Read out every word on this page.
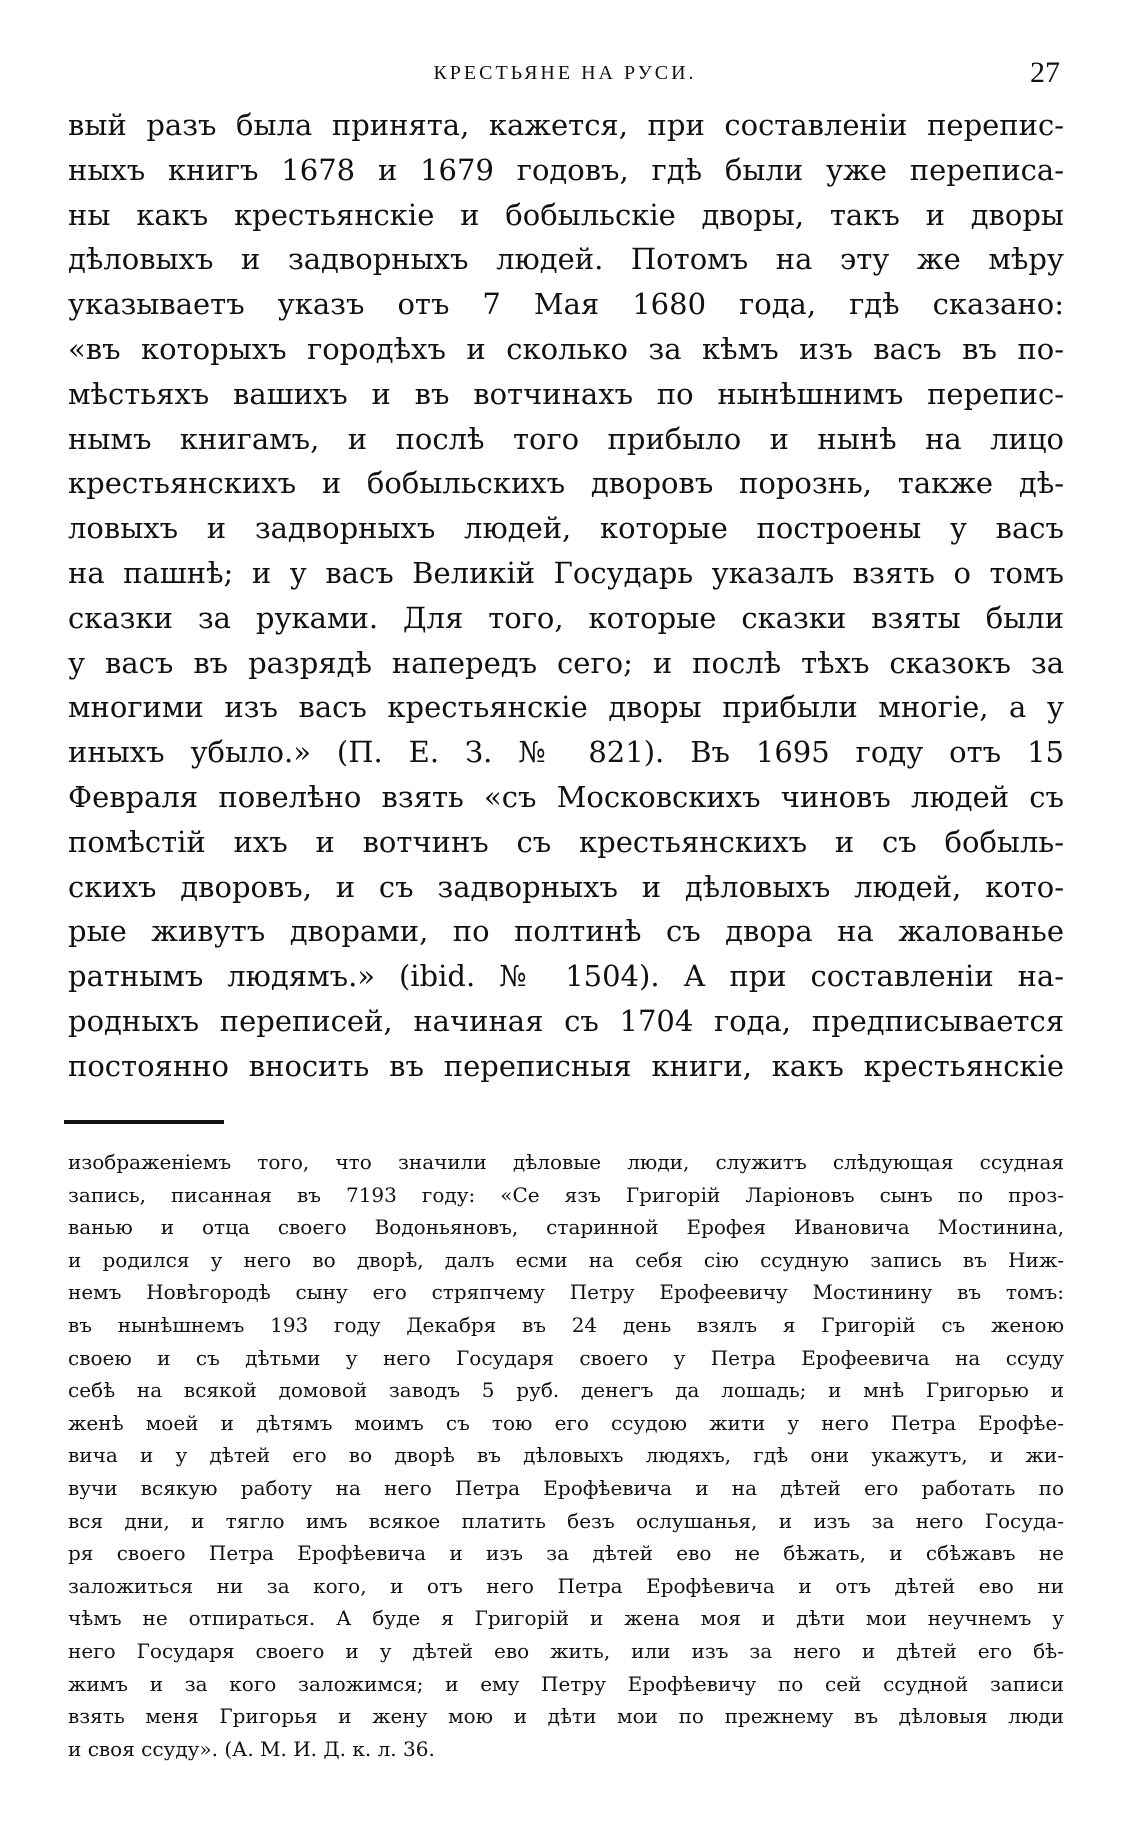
КРЕСТЬЯНЕ НА РУСИ.	27
вый разъ была принята, кажется, при составленіи перепис-
ныхъ книгъ 1678 и 1679 годовъ, гдѣ были уже переписа-
ны какъ крестьянскіе и бобыльскіе дворы, такъ и дворы
дѣловыхъ и задворныхъ людей. Потомъ на эту же мѣру
указываетъ указъ отъ 7 Мая 1680 года, гдѣ сказано:
«въ которыхъ городѣхъ и сколько за кѣмъ изъ васъ въ по-
мѣстьяхъ вашихъ и въ вотчинахъ по нынѣшнимъ перепис-
нымъ книгамъ, и послѣ того прибыло и нынѣ на лицо
крестьянскихъ и бобыльскихъ дворовъ порознь, также дѣ-
ловыхъ и задворныхъ людей, которые построены у васъ
на пашнѣ; и у васъ Великій Государь указалъ взять о томъ
сказки за руками. Для того, которые сказки взяты были
у васъ въ разрядѣ напередъ сего; и послѣ тѣхъ сказокъ за
многими изъ васъ крестьянскіе дворы прибыли многіе, а у
иныхъ убыло.» (П. Е. З. № 821). Въ 1695 году отъ 15
Февраля повелѣно взять «съ Московскихъ чиновъ людей съ
помѣстій ихъ и вотчинъ съ крестьянскихъ и съ бобыль-
скихъ дворовъ, и съ задворныхъ и дѣловыхъ людей, кото-
рые живутъ дворами, по полтинѣ съ двора на жалованье
ратнымъ людямъ.» (ibid. № 1504). А при составленіи на-
родныхъ переписей, начиная съ 1704 года, предписывается
постоянно вносить въ переписныя книги, какъ крестьянскіе
изображеніемъ того, что значили дѣловые люди, служитъ слѣдующая ссудная
запись, писанная въ 7193 году: «Се язъ Григорій Ларіоновъ сынъ по проз-
ванью и отца своего Водоньяновъ, старинной Ерофея Ивановича Мостинина,
и родился у него во дворѣ, далъ есми на себя сію ссудную запись въ Ниж-
немъ Новѣгородѣ сыну его стряпчему Петру Ерофеевичу Мостинину въ томъ:
въ нынѣшнемъ 193 году Декабря въ 24 день взялъ я Григорій съ женою
своею и съ дѣтьми у него Государя своего у Петра Ерофеевича на ссуду
себѣ на всякой домовой заводъ 5 руб. денегъ да лошадь; и мнѣ Григорью и
женѣ моей и дѣтямъ моимъ съ тою его ссудою жити у него Петра Ерофѣе-
вича и у дѣтей его во дворѣ въ дѣловыхъ людяхъ, гдѣ они укажутъ, и жи-
вучи всякую работу на него Петра Ерофѣевича и на дѣтей его работать по
вся дни, и тягло имъ всякое платить безъ ослушанья, и изъ за него Госуда-
ря своего Петра Ерофѣевича и изъ за дѣтей ево не бѣжать, и сбѣжавъ не
заложиться ни за кого, и отъ него Петра Ерофѣевича и отъ дѣтей ево ни
чѣмъ не отпираться. А буде я Григорій и жена моя и дѣти мои неучнемъ у
него Государя своего и у дѣтей ево жить, или изъ за него и дѣтей его бѣ-
жимъ и за кого заложимся; и ему Петру Ерофѣевичу по сей ссудной записи
взять меня Григорья и жену мою и дѣти мои по прежнему въ дѣловыя люди
и своя ссуду». (А. М. И. Д. к. л. 36.
